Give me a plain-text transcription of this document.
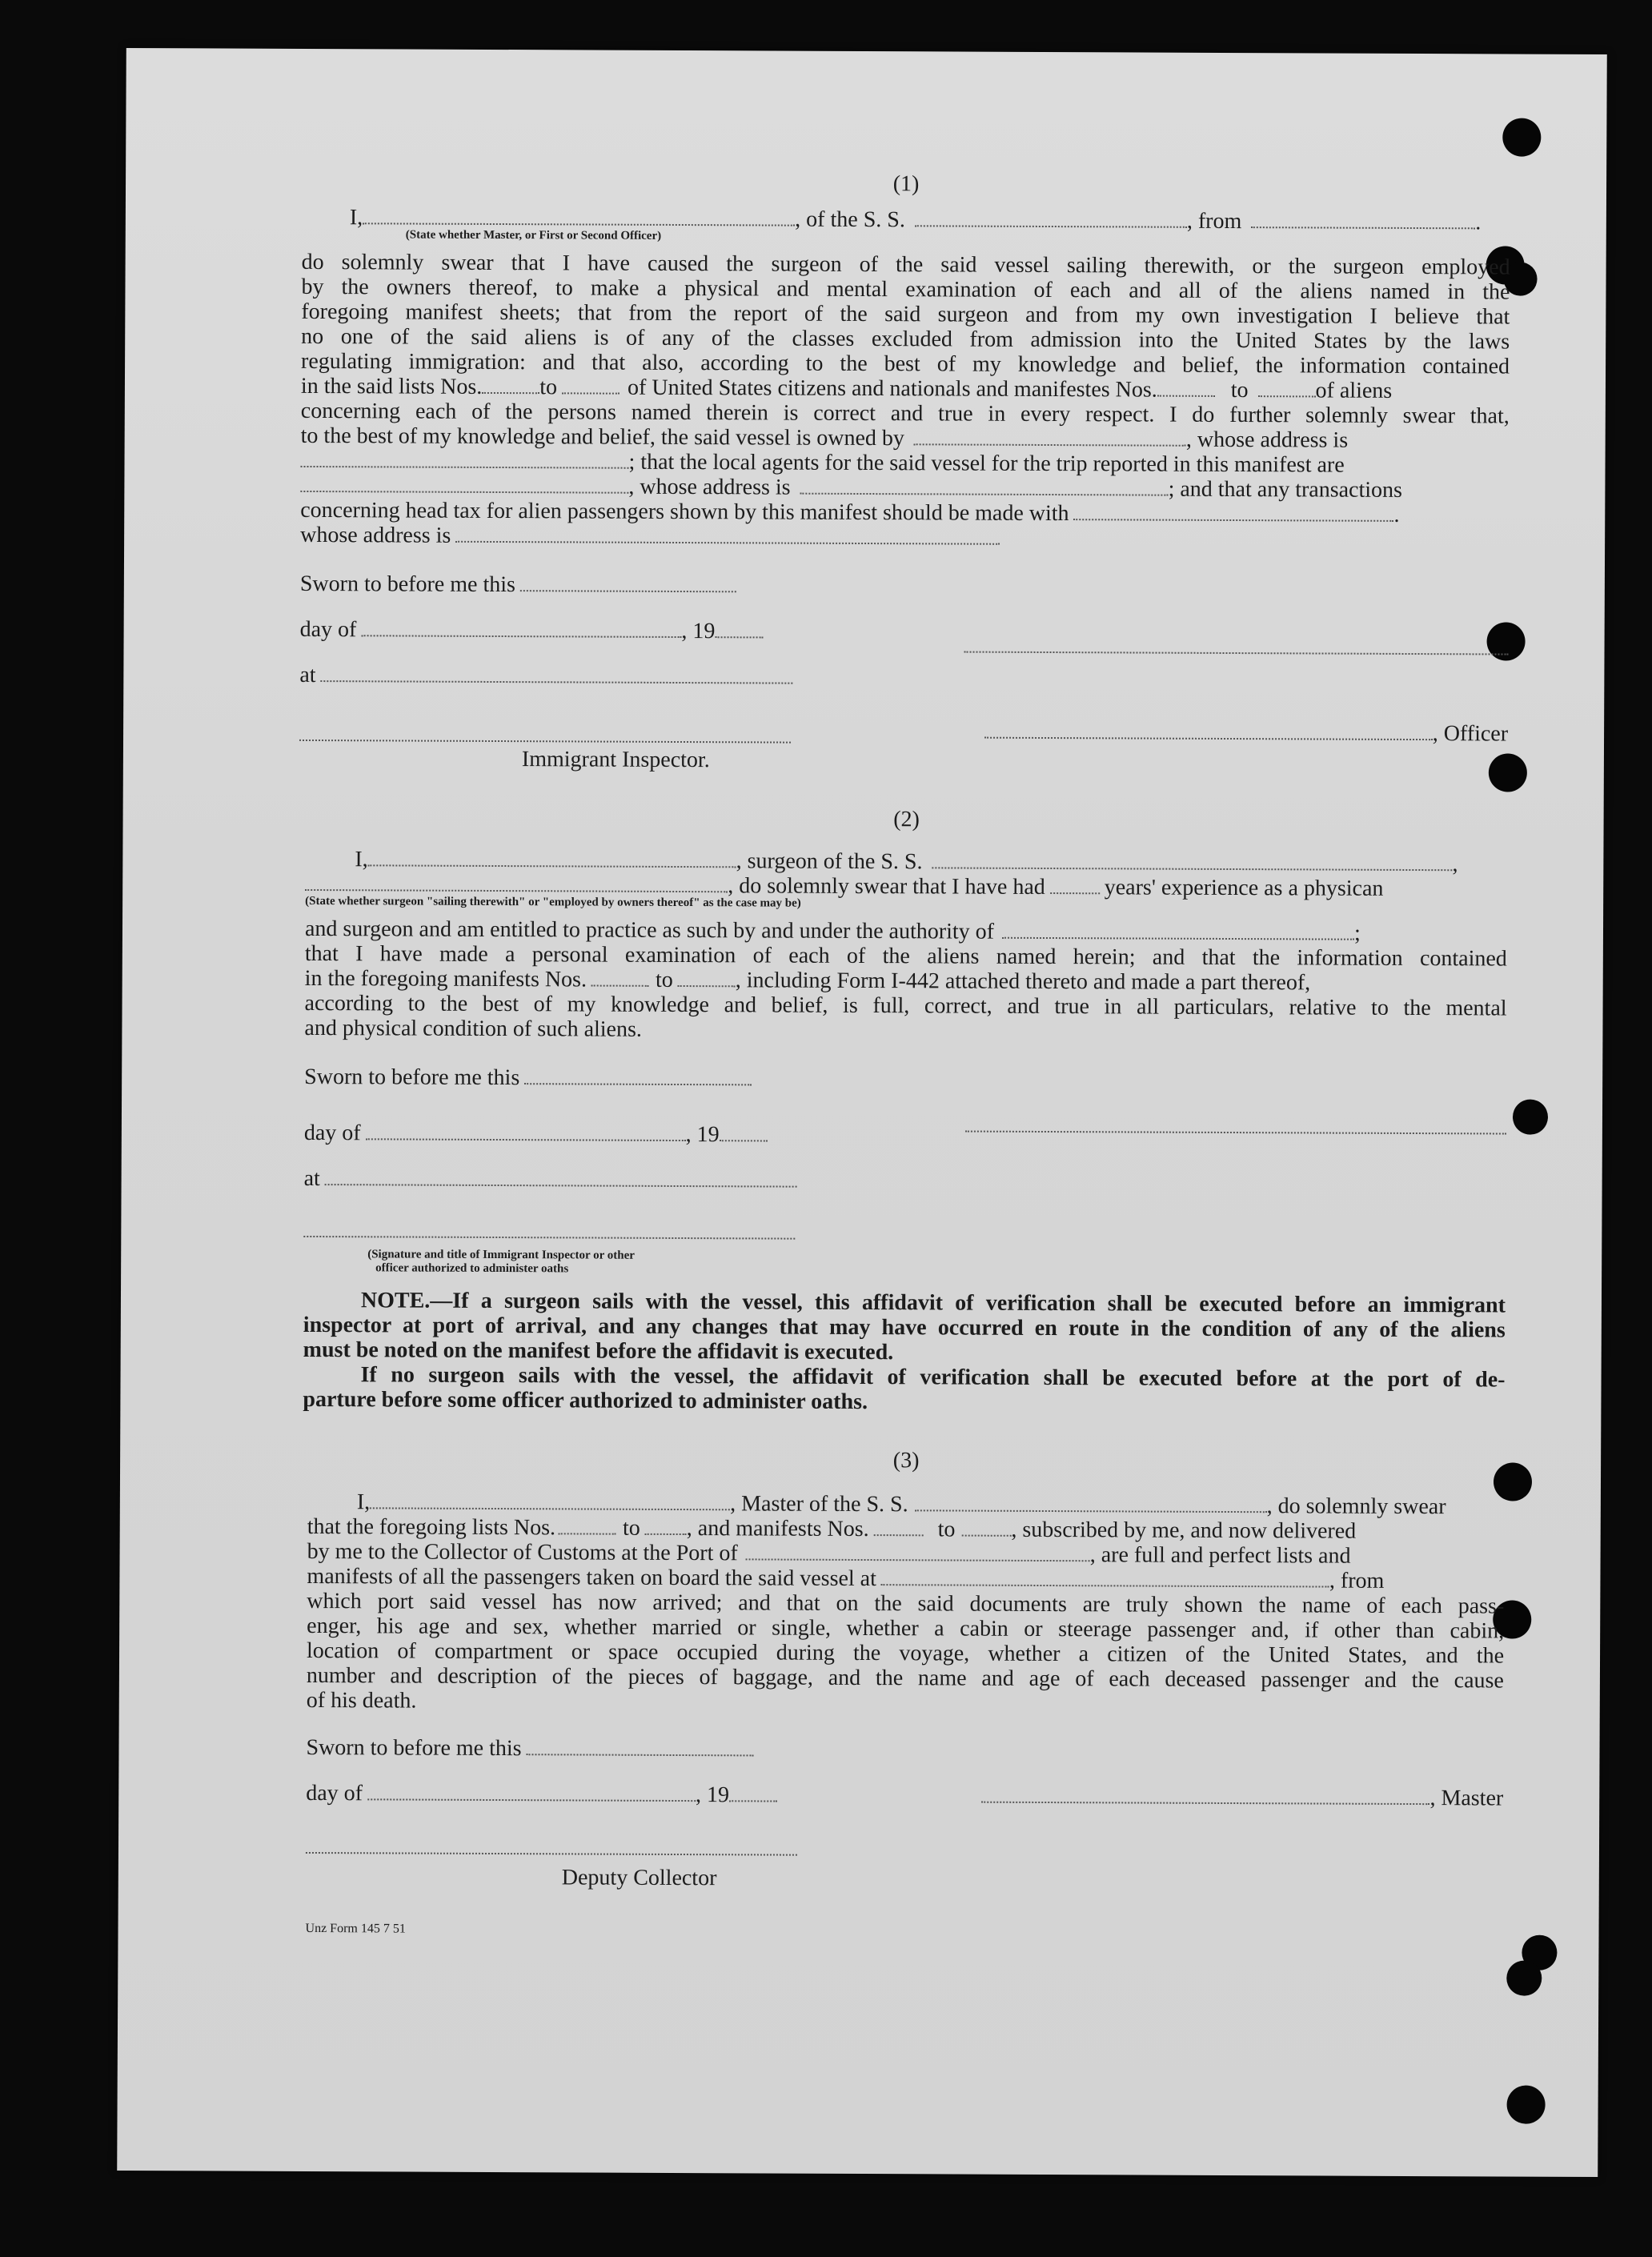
(1)

I,	, of the S. S.	, from	.
(State whether Master, or First or Second Officer)

do solemnly swear that I have caused the surgeon of the said vessel sailing therewith, or the surgeon employed

by the owners thereof, to make a physical and mental examination of each and all of the aliens named in the

foregoing manifest sheets; that from the report of the said surgeon and from my own investigation I believe that

no one of the said aliens is of any of the classes excluded from admission into the United States by the laws

regulating immigration: and that also, according to the best of my knowledge and belief, the information contained

in the said lists Nos.	to	of United States citizens and nationals and manifestes Nos.	to	of aliens

concerning each of the persons named therein is correct and true in every respect. I do further solemnly swear that,

to the best of my knowledge and belief, the said vessel is owned by	, whose address is
; that the local agents for the said vessel for the trip reported in this manifest are
, whose address is	; and that any transactions
concerning head tax for alien passengers shown by this manifest should be made with	.
whose address is
Sworn to before me this
day of	, 19
at
, Officer
Immigrant Inspector.

(2)

I,	, surgeon of the S. S.	,
, do solemnly swear that I have had	years' experience as a physican
(State whether surgeon "sailing therewith" or "employed by owners thereof" as the case may be)
and surgeon and am entitled to practice as such by and under the authority of	;

that I have made a personal examination of each of the aliens named herein; and that the information contained

in the foregoing manifests Nos.	to	, including Form I-442 attached thereto and made a part thereof,

according to the best of my knowledge and belief, is full, correct, and true in all particulars, relative to the mental

and physical condition of such aliens.

Sworn to before me this
day of	, 19
at
(Signature and title of Immigrant Inspector or other
officer authorized to administer oaths

NOTE.—If a surgeon sails with the vessel, this affidavit of verification shall be executed before an immigrant

inspector at port of arrival, and any changes that may have occurred en route in the condition of any of the aliens

must be noted on the manifest before the affidavit is executed.

If no surgeon sails with the vessel, the affidavit of verification shall be executed before at the port of de-

parture before some officer authorized to administer oaths.

(3)

I,	, Master of the S. S.	, do solemnly swear
that the foregoing lists Nos.	to , and manifests Nos.	to , subscribed by me, and now delivered
by me to the Collector of Customs at the Port of	, are full and perfect lists and
manifests of all the passengers taken on board the said vessel at	, from

which port said vessel has now arrived; and that on the said documents are truly shown the name of each pass-

enger, his age and sex, whether married or single, whether a cabin or steerage passenger and, if other than cabin,

location of compartment or space occupied during the voyage, whether a citizen of the United States, and the

number and description of the pieces of baggage, and the name and age of each deceased passenger and the cause

of his death.

Sworn to before me this
day of	, 19	, Master
Deputy Collector
Unz Form 145 7 51
